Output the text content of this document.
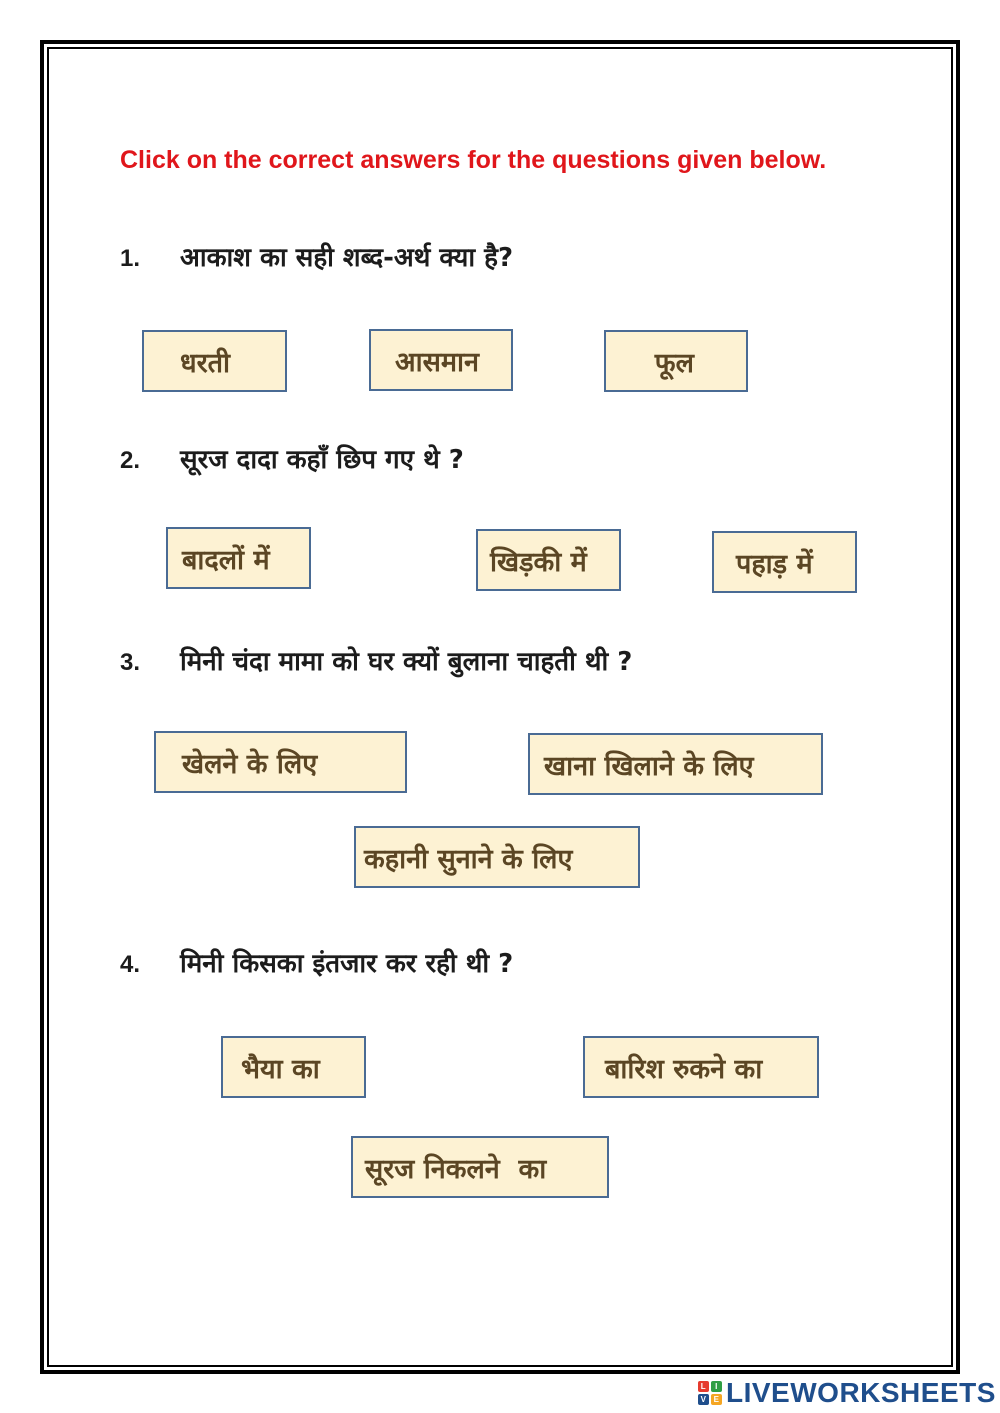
Click on the correct answers for the questions given below.
1. आकाश का सही शब्द-अर्थ क्या है?
धरती	आसमान	फूल
2. सूरज दादा कहाँ छिप गए थे ?
बादलों में	खिड़की में	पहाड़ में
3. मिनी चंदा मामा को घर क्यों बुलाना चाहती थी ?
खेलने के लिए	खाना खिलाने के लिए
कहानी सुनाने के लिए
4. मिनी किसका इंतजार कर रही थी ?
भैया का	बारिश रुकने का
सूरज निकलने  का
L	I
V E LIVEWORKSHEETS
